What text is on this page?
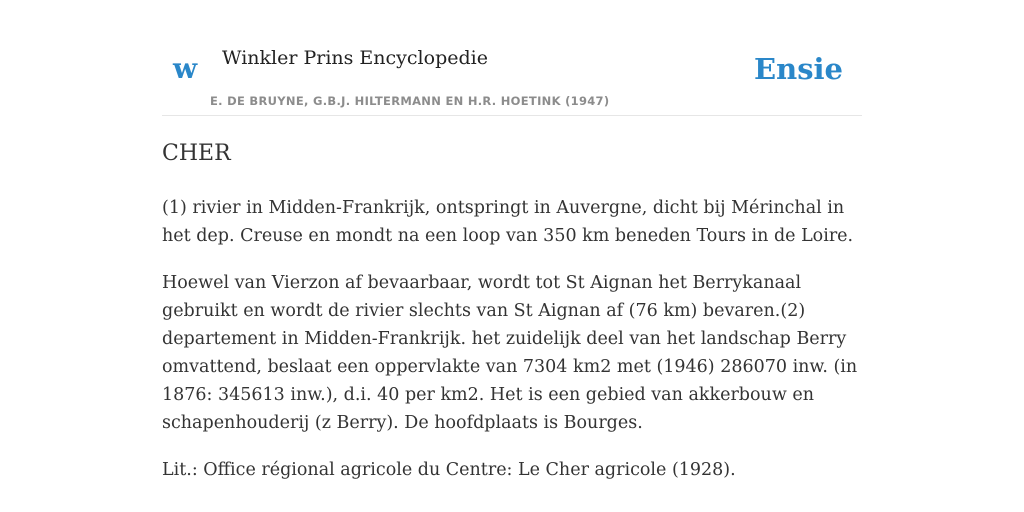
w Winkler Prins Encyclopedie
E. DE BRUYNE, G.B.J. HILTERMANN EN H.R. HOETINK (1947)
Ensie
CHER

(1) rivier in Midden-Frankrijk, ontspringt in Auvergne, dicht bij Mérinchal in het dep. Creuse en mondt na een loop van 350 km beneden Tours in de Loire.

Hoewel van Vierzon af bevaarbaar, wordt tot St Aignan het Berrykanaal gebruikt en wordt de rivier slechts van St Aignan af (76 km) bevaren.(2) departement in Midden-Frankrijk. het zuidelijk deel van het landschap Berry omvattend, beslaat een oppervlakte van 7304 km2 met (1946) 286070 inw. (in 1876: 345613 inw.), d.i. 40 per km2. Het is een gebied van akkerbouw en schapenhouderij (z Berry). De hoofdplaats is Bourges.

Lit.: Office régional agricole du Centre: Le Cher agricole (1928).
